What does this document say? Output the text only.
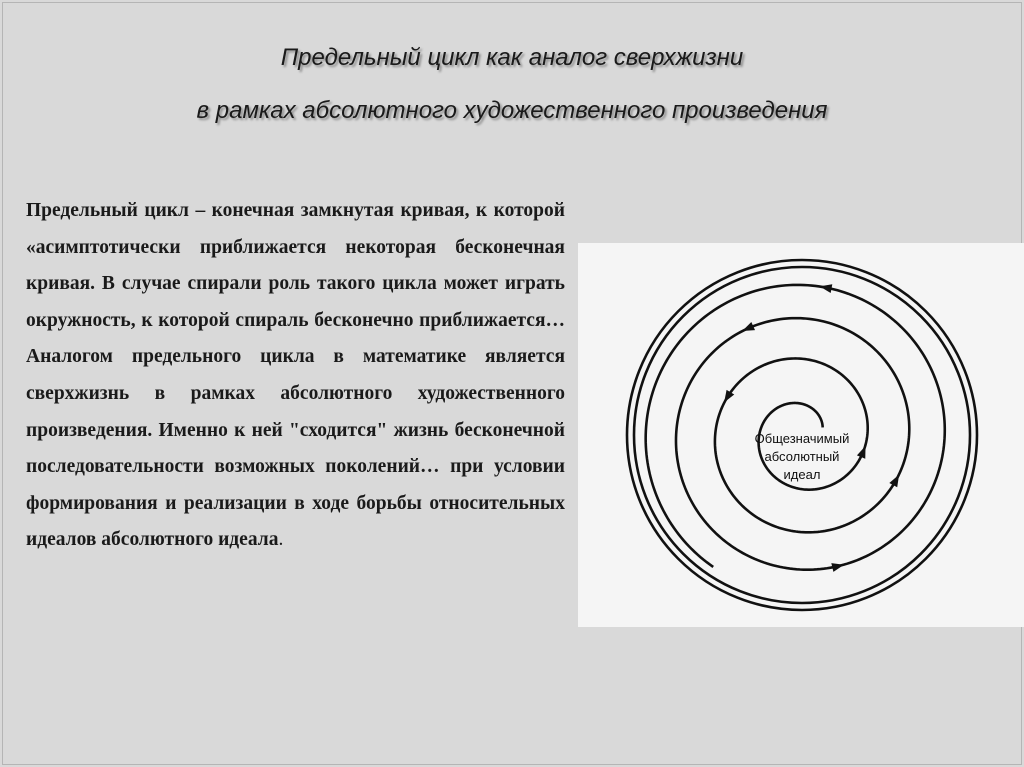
Предельный цикл как аналог сверхжизни
в рамках абсолютного художественного произведения
Предельный цикл – конечная замкнутая кривая, к которой «асимптотически приближается некоторая бесконечная кривая. В случае спирали роль такого цикла может играть окружность, к которой спираль бесконечно приближается… Аналогом предельного цикла в математике является сверхжизнь в рамках абсолютного художественного произведения. Именно к ней "сходится" жизнь бесконечной последовательности возможных поколений… при условии формирования и реализации в ходе борьбы относительных идеалов абсолютного идеала.
Общезначимый
абсолютный
идеал
